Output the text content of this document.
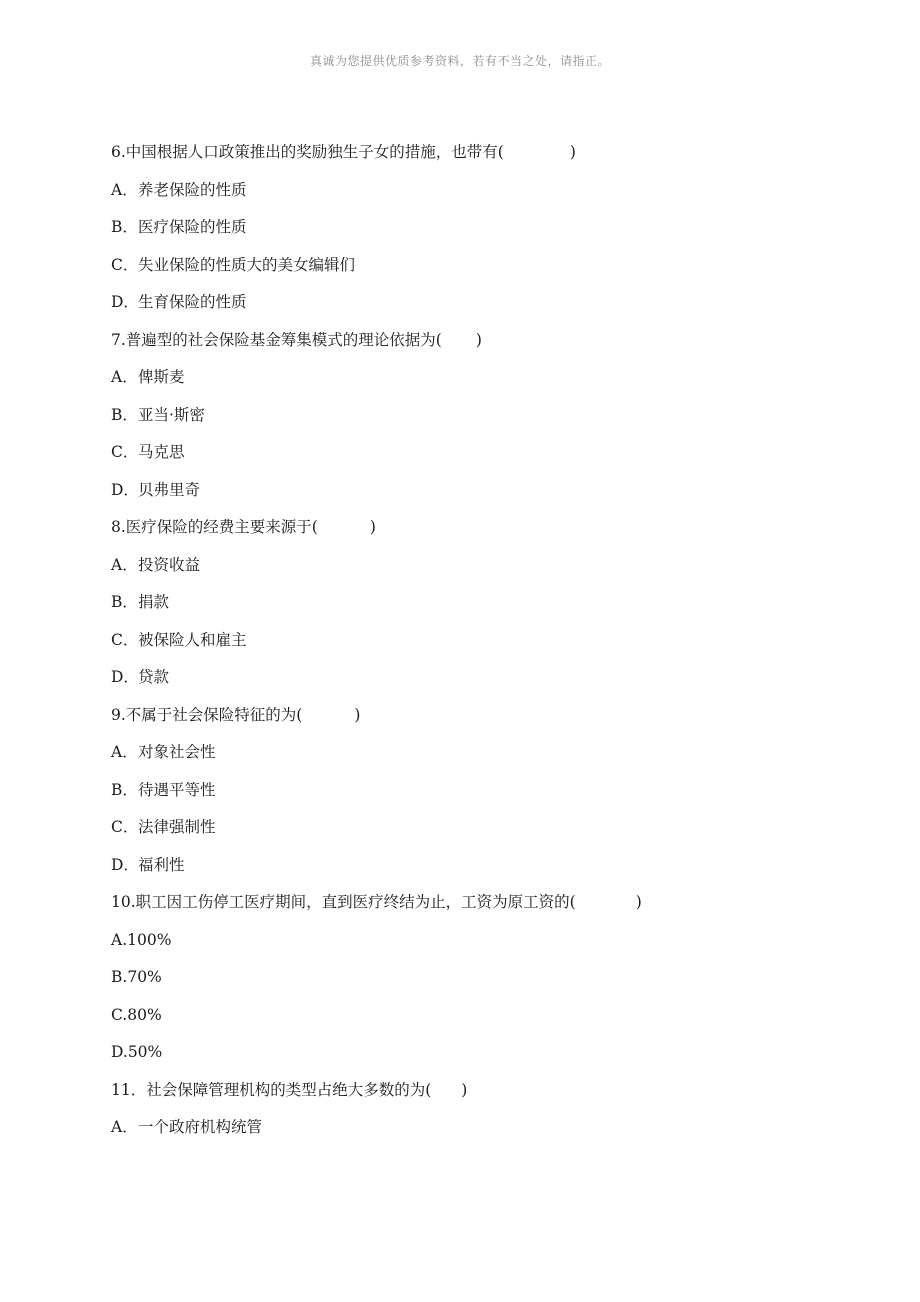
真诚为您提供优质参考资料，若有不当之处，请指正。
6.中国根据人口政策推出的奖励独生子女的措施，也带有(	)
A．养老保险的性质
B．医疗保险的性质
C．失业保险的性质大的美女编辑们
D．生育保险的性质
7.普遍型的社会保险基金筹集模式的理论依据为( )
A．俾斯麦
B．亚当·斯密
C．马克思
D．贝弗里奇
8.医疗保险的经费主要来源于(	)
A．投资收益
B．捐款
C．被保险人和雇主
D．贷款
9.不属于社会保险特征的为(	)
A．对象社会性
B．待遇平等性
C．法律强制性
D．福利性
10.职工因工伤停工医疗期间，直到医疗终结为止，工资为原工资的(	)
A.100%
B.70%
C.80%
D.50%
11．社会保障管理机构的类型占绝大多数的为( )
A．一个政府机构统管
